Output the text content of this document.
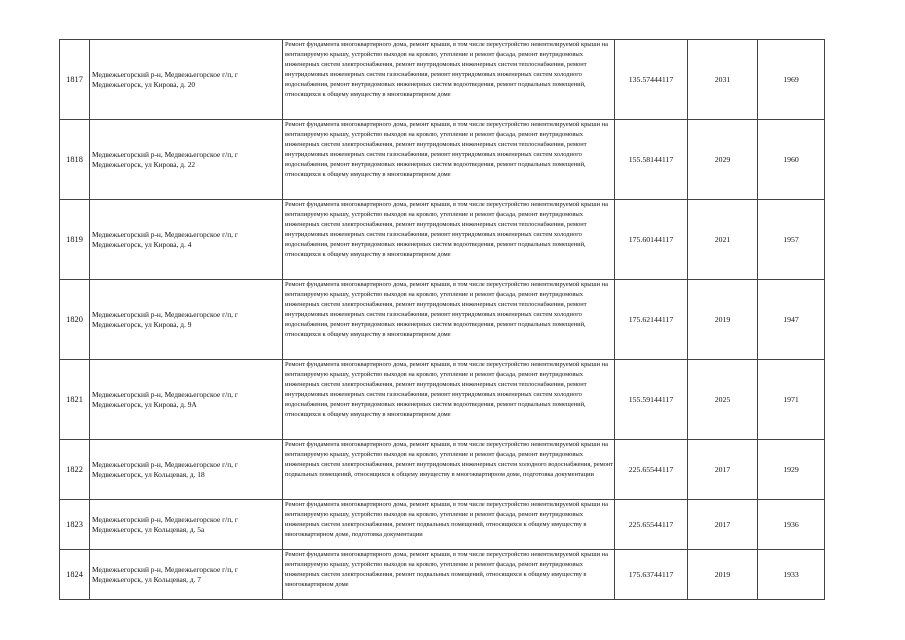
1817	Медвежьегорский р-н, Медвежьегорское г/п, г Медвежьегорск, ул Кирова, д. 20	Ремонт фундамента многоквартирного дома, ремонт крыши, в том числе переустройство невентилируемой крыши на вентилируемую крышу, устройство выходов на кровлю, утепление и ремонт фасада, ремонт внутридомовых инженерных систем электроснабжения, ремонт внутридомовых инженерных систем теплоснабжения, ремонт внутридомовых инженерных систем газоснабжения, ремонт внутридомовых инженерных систем холодного водоснабжения, ремонт внутридомовых инженерных систем водоотведения, ремонт подвальных помещений, относящихся к общему имуществу в многоквартирном доме	135.57444117	2031	1969
1818	Медвежьегорский р-н, Медвежьегорское г/п, г Медвежьегорск, ул Кирова, д. 22	Ремонт фундамента многоквартирного дома, ремонт крыши, в том числе переустройство невентилируемой крыши на вентилируемую крышу, устройство выходов на кровлю, утепление и ремонт фасада, ремонт внутридомовых инженерных систем электроснабжения, ремонт внутридомовых инженерных систем теплоснабжения, ремонт внутридомовых инженерных систем газоснабжения, ремонт внутридомовых инженерных систем холодного водоснабжения, ремонт внутридомовых инженерных систем водоотведения, ремонт подвальных помещений, относящихся к общему имуществу в многоквартирном доме	155.58144117	2029	1960
1819	Медвежьегорский р-н, Медвежьегорское г/п, г Медвежьегорск, ул Кирова, д. 4	Ремонт фундамента многоквартирного дома, ремонт крыши, в том числе переустройство невентилируемой крыши на вентилируемую крышу, устройство выходов на кровлю, утепление и ремонт фасада, ремонт внутридомовых инженерных систем электроснабжения, ремонт внутридомовых инженерных систем теплоснабжения, ремонт внутридомовых инженерных систем газоснабжения, ремонт внутридомовых инженерных систем холодного водоснабжения, ремонт внутридомовых инженерных систем водоотведения, ремонт подвальных помещений, относящихся к общему имуществу в многоквартирном доме	175.60144117	2021	1957
1820	Медвежьегорский р-н, Медвежьегорское г/п, г Медвежьегорск, ул Кирова, д. 9	Ремонт фундамента многоквартирного дома, ремонт крыши, в том числе переустройство невентилируемой крыши на вентилируемую крышу, устройство выходов на кровлю, утепление и ремонт фасада, ремонт внутридомовых инженерных систем электроснабжения, ремонт внутридомовых инженерных систем теплоснабжения, ремонт внутридомовых инженерных систем газоснабжения, ремонт внутридомовых инженерных систем холодного водоснабжения, ремонт внутридомовых инженерных систем водоотведения, ремонт подвальных помещений, относящихся к общему имуществу в многоквартирном доме	175.62144117	2019	1947
1821	Медвежьегорский р-н, Медвежьегорское г/п, г Медвежьегорск, ул Кирова, д. 9А	Ремонт фундамента многоквартирного дома, ремонт крыши, в том числе переустройство невентилируемой крыши на вентилируемую крышу, устройство выходов на кровлю, утепление и ремонт фасада, ремонт внутридомовых инженерных систем электроснабжения, ремонт внутридомовых инженерных систем теплоснабжения, ремонт внутридомовых инженерных систем газоснабжения, ремонт внутридомовых инженерных систем холодного водоснабжения, ремонт внутридомовых инженерных систем водоотведения, ремонт подвальных помещений, относящихся к общему имуществу в многоквартирном доме	155.59144117	2025	1971
1822	Медвежьегорский р-н, Медвежьегорское г/п, г Медвежьегорск, ул Кольцевая, д. 18	Ремонт фундамента многоквартирного дома, ремонт крыши, в том числе переустройство невентилируемой крыши на вентилируемую крышу, устройство выходов на кровлю, утепление и ремонт фасада, ремонт внутридомовых инженерных систем электроснабжения, ремонт внутридомовых инженерных систем холодного водоснабжения, ремонт подвальных помещений, относящихся к общему имуществу в многоквартирном доме, подготовка документации	225.65544117	2017	1929
1823	Медвежьегорский р-н, Медвежьегорское г/п, г Медвежьегорск, ул Кольцевая, д. 5а	Ремонт фундамента многоквартирного дома, ремонт крыши, в том числе переустройство невентилируемой крыши на вентилируемую крышу, устройство выходов на кровлю, утепление и ремонт фасада, ремонт внутридомовых инженерных систем электроснабжения, ремонт подвальных помещений, относящихся к общему имуществу в многоквартирном доме, подготовка документации	225.65544117	2017	1936
1824	Медвежьегорский р-н, Медвежьегорское г/п, г Медвежьегорск, ул Кольцевая, д. 7	Ремонт фундамента многоквартирного дома, ремонт крыши, в том числе переустройство невентилируемой крыши на вентилируемую крышу, устройство выходов на кровлю, утепление и ремонт фасада, ремонт внутридомовых инженерных систем электроснабжения, ремонт подвальных помещений, относящихся к общему имуществу в многоквартирном доме	175.63744117	2019	1933
